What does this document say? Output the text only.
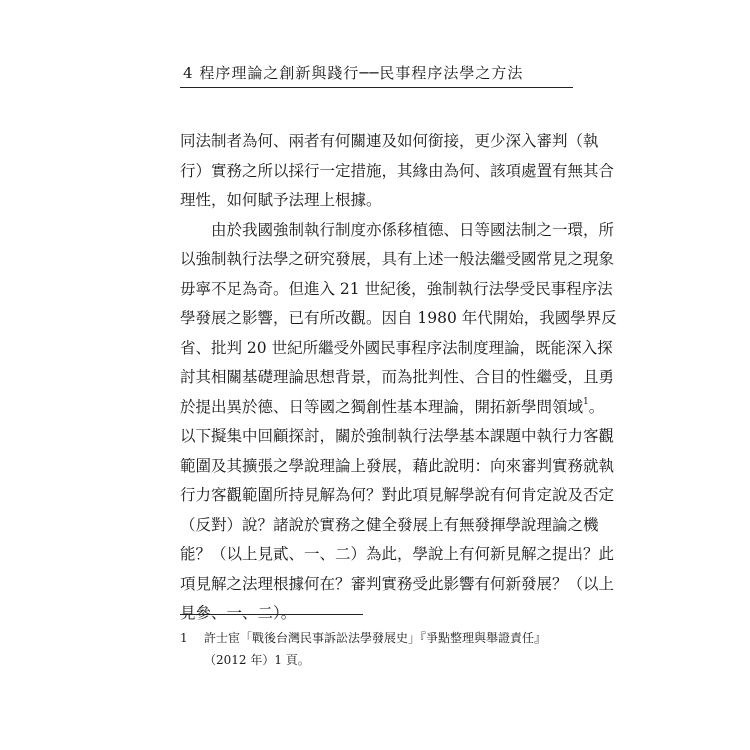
4 程序理論之創新與踐行──民事程序法學之方法
同法制者為何、兩者有何關連及如何銜接，更少深入審判（執
行）實務之所以採行一定措施，其緣由為何、該項處置有無其合
理性，如何賦予法理上根據。
　　由於我國強制執行制度亦係移植德、日等國法制之一環，所
以強制執行法學之研究發展，具有上述一般法繼受國常見之現象
毋寧不足為奇。但進入 21 世紀後，強制執行法學受民事程序法
學發展之影響，已有所改觀。因自 1980 年代開始，我國學界反
省、批判 20 世紀所繼受外國民事程序法制度理論，既能深入探
討其相關基礎理論思想背景，而為批判性、合目的性繼受，且勇
於提出異於德、日等國之獨創性基本理論，開拓新學問領域$^1$。
以下擬集中回顧探討，關於強制執行法學基本課題中執行力客觀
範圍及其擴張之學說理論上發展，藉此說明：向來審判實務就執
行力客觀範圍所持見解為何？對此項見解學說有何肯定說及否定
（反對）說？諸說於實務之健全發展上有無發揮學說理論之機
能？（以上見貳、一、二）為此，學說上有何新見解之提出？此
項見解之法理根據何在？審判實務受此影響有何新發展？（以上
見參、一、二）。
1 許士宦「戰後台灣民事訴訟法學發展史」『爭點整理與舉證責任』
（2012 年）1 頁。
